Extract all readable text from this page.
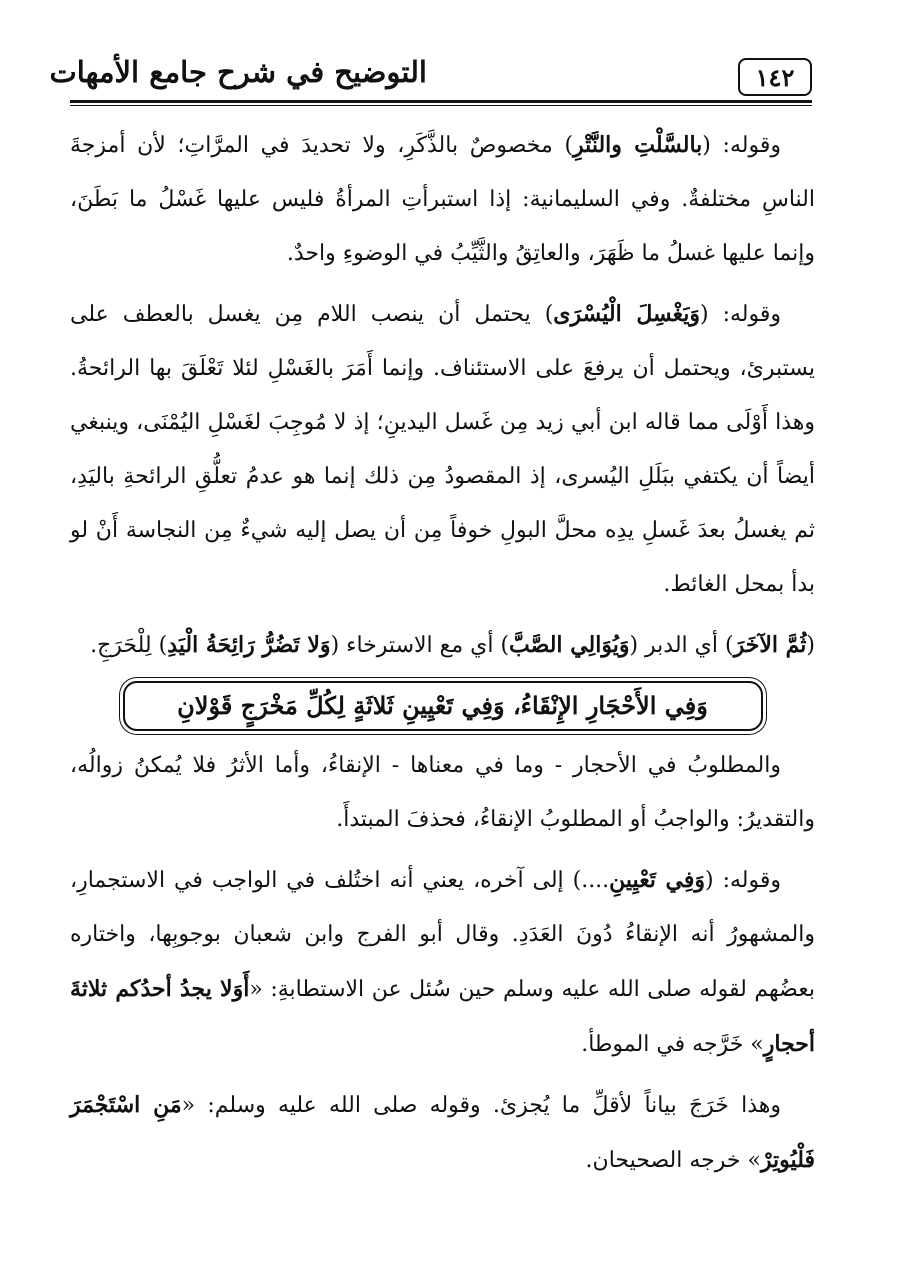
التوضيح في شرح جامع الأمهات	١٤٢

وقوله: (بالسَّلْتِ والنَّتْرِ) مخصوصٌ بالذَّكَرِ، ولا تحديدَ في المرَّاتِ؛ لأن أمزجةَ الناسِ مختلفةٌ. وفي السليمانية: إذا استبرأتِ المرأةُ فليس عليها غَسْلُ ما بَطَنَ، وإنما عليها غسلُ ما ظَهَرَ، والعاتِقُ والثَّيِّبُ في الوضوءِ واحدٌ.

وقوله: (وَيَغْسِلَ الْيُسْرَى) يحتمل أن ينصب اللام مِن يغسل بالعطف على يستبرئ، ويحتمل أن يرفعَ على الاستئناف. وإنما أَمَرَ بالغَسْلِ لئلا تَعْلَقَ بها الرائحةُ. وهذا أَوْلَى مما قاله ابن أبي زيد مِن غَسل اليدينِ؛ إذ لا مُوجِبَ لغَسْلِ اليُمْنَى، وينبغي أيضاً أن يكتفي ببَلَلِ اليُسرى، إذ المقصودُ مِن ذلك إنما هو عدمُ تعلُّقِ الرائحةِ باليَدِ، ثم يغسلُ بعدَ غَسلِ يدِه محلَّ البولِ خوفاً مِن أن يصل إليه شيءٌ مِن النجاسة أَنْ لو بدأ بمحل الغائط.

(ثُمَّ الآخَرَ) أي الدبر (وَيُوَالِي الصَّبَّ) أي مع الاسترخاء (وَلا تَضُرُّ رَائِحَةُ الْيَدِ) لِلْحَرَجِ.

وَفِي الأَحْجَارِ الإِنْقَاءُ، وَفِي تَعْيِينِ ثَلاثَةٍ لِكُلِّ مَخْرَجٍ قَوْلانِ

والمطلوبُ في الأحجار - وما في معناها - الإنقاءُ، وأما الأثرُ فلا يُمكنُ زوالُه، والتقديرُ: والواجبُ أو المطلوبُ الإنقاءُ، فحذفَ المبتدأَ.

وقوله: (وَفِي تَعْيِينِ....) إلى آخره، يعني أنه اختُلف في الواجب في الاستجمارِ، والمشهورُ أنه الإنقاءُ دُونَ العَدَدِ. وقال أبو الفرج وابن شعبان بوجوبِها، واختاره بعضُهم لقوله صلى الله عليه وسلم حين سُئل عن الاستطابةِ: «أَوَلا يجدُ أحدُكم ثلاثةَ أحجارٍ» خَرَّجه في الموطأ.

وهذا خَرَجَ بياناً لأقلِّ ما يُجزئ. وقوله صلى الله عليه وسلم: «مَنِ اسْتَجْمَرَ فَلْيُوتِرْ» خرجه الصحيحان.
